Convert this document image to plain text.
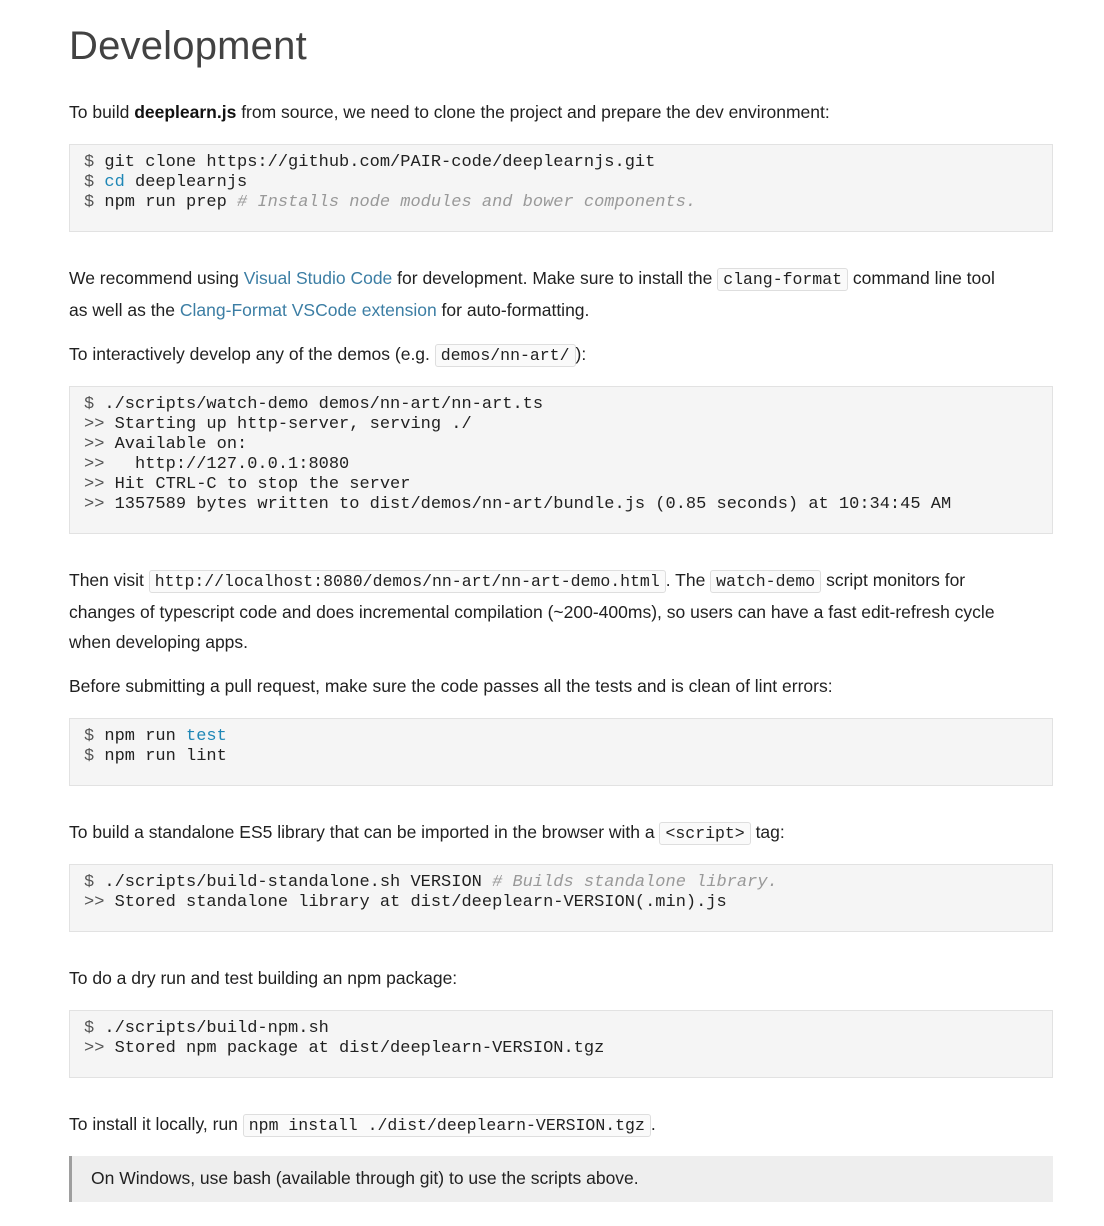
Development

To build deeplearn.js from source, we need to clone the project and prepare the dev environment:

$ git clone https://github.com/PAIR-code/deeplearnjs.git
$ cd deeplearnjs
$ npm run prep # Installs node modules and bower components.

We recommend using Visual Studio Code for development. Make sure to install the clang-format command line tool
as well as the Clang-Format VSCode extension for auto-formatting.

To interactively develop any of the demos (e.g. demos/nn-art/ ):

$ ./scripts/watch-demo demos/nn-art/nn-art.ts
>> Starting up http-server, serving ./
>> Available on:
>>   http://127.0.0.1:8080
>> Hit CTRL-C to stop the server
>> 1357589 bytes written to dist/demos/nn-art/bundle.js (0.85 seconds) at 10:34:45 AM

Then visit http://localhost:8080/demos/nn-art/nn-art-demo.html . The watch-demo script monitors for
changes of typescript code and does incremental compilation (~200-400ms), so users can have a fast edit-refresh cycle
when developing apps.

Before submitting a pull request, make sure the code passes all the tests and is clean of lint errors:

$ npm run test
$ npm run lint

To build a standalone ES5 library that can be imported in the browser with a <script> tag:

$ ./scripts/build-standalone.sh VERSION # Builds standalone library.
>> Stored standalone library at dist/deeplearn-VERSION(.min).js

To do a dry run and test building an npm package:

$ ./scripts/build-npm.sh
>> Stored npm package at dist/deeplearn-VERSION.tgz

To install it locally, run npm install ./dist/deeplearn-VERSION.tgz .

On Windows, use bash (available through git) to use the scripts above.
